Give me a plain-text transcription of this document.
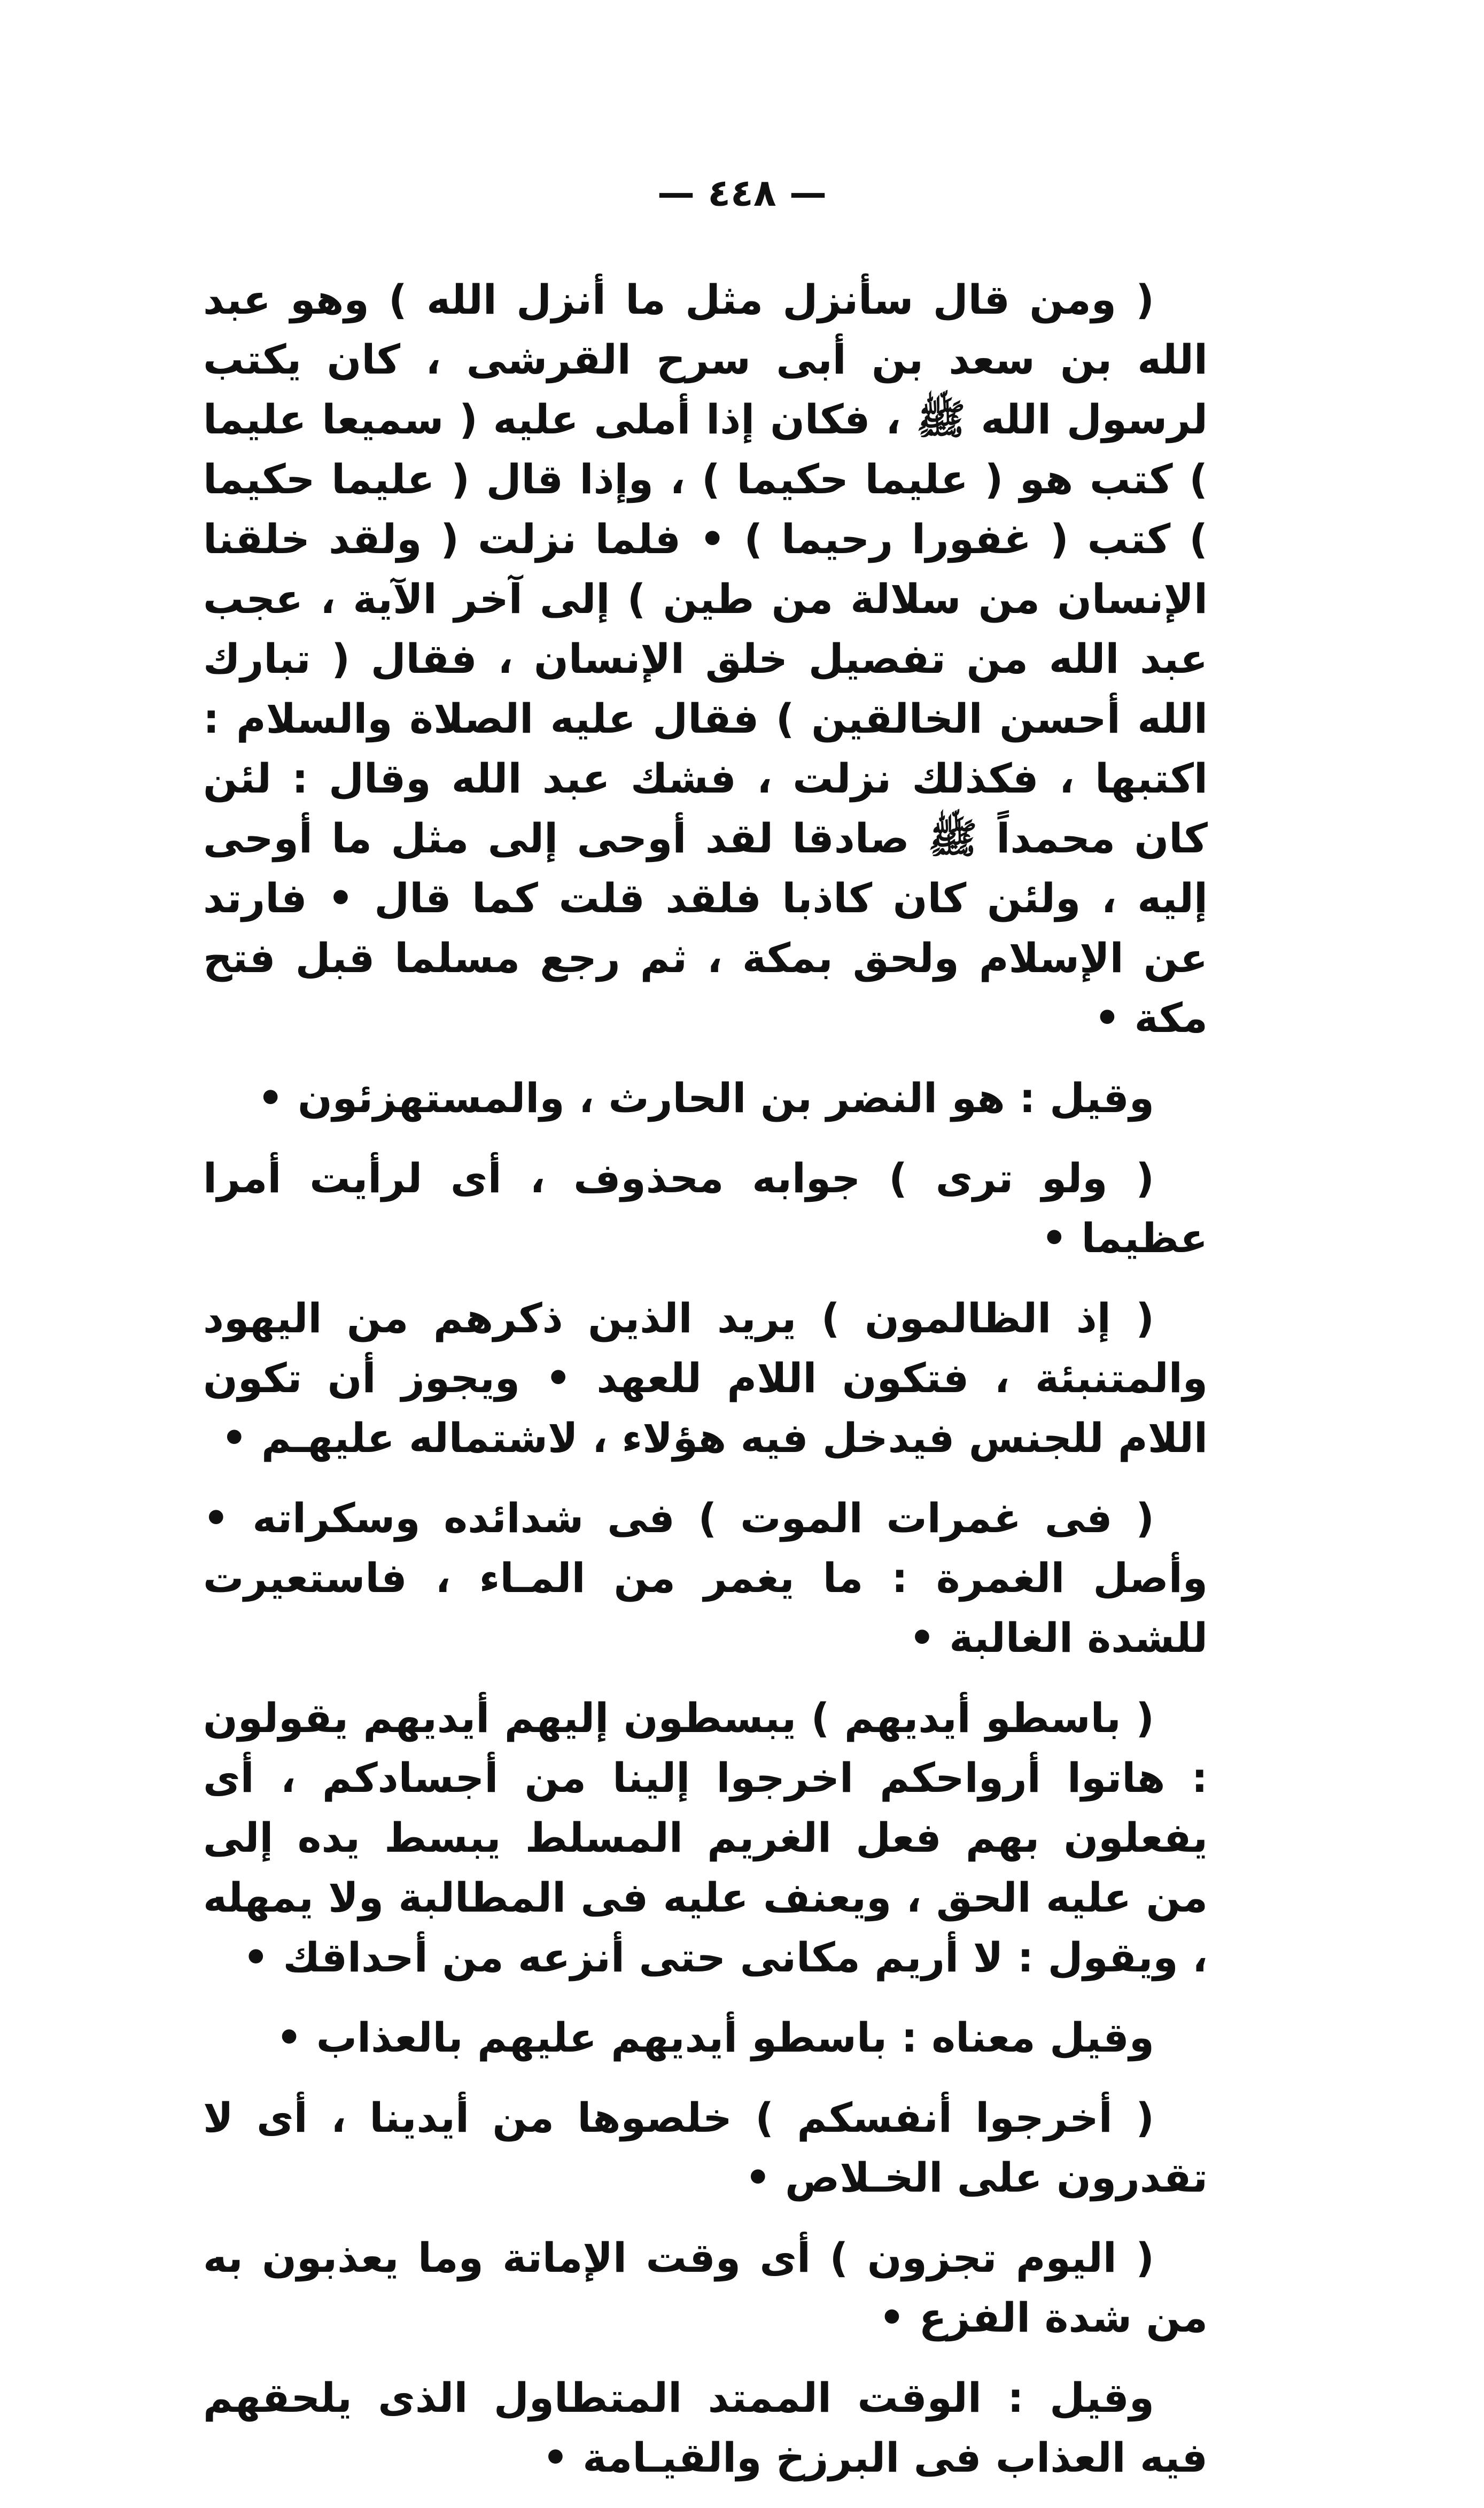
— ٤٤٨ —

( ومن قال سأنزل مثل ما أنزل الله ) وهو عبد الله بن سعد بن أبى سرح القرشى ، كان يكتب لرسول الله ﷺ ، فكان إذا أملى عليه ( سميعا عليما ) كتب هو ( عليما حكيما ) ، وإذا قال ( عليما حكيما ) كتب ( غفورا رحيما ) • فلما نزلت ( ولقد خلقنا الإنسان من سلالة من طين ) إلى آخر الآية ، عجب عبد الله من تفصيل خلق الإنسان ، فقال ( تبارك الله أحسن الخالقين ) فقال عليه الصلاة والسلام : اكتبها ، فكذلك نزلت ، فشك عبد الله وقال : لئن كان محمداً ﷺ صادقا لقد أوحى إلى مثل ما أوحى إليه ، ولئن كان كاذبا فلقد قلت كما قال • فارتد عن الإسلام ولحق بمكة ، ثم رجع مسلما قبل فتح مكة •

وقيل : هو النضر بن الحارث ، والمستهزئون •

( ولو ترى ) جوابه محذوف ، أى لرأيت أمرا عظيما •

( إذ الظالمون ) يريد الذين ذكرهم من اليهود والمتنبئة ، فتكون اللام للعهد • ويجوز أن تكون اللام للجنس فيدخل فيه هؤلاء ، لاشتماله عليهـم •

( فى غمرات الموت ) فى شدائده وسكراته • وأصل الغمرة : ما يغمر من المـاء ، فاستعيرت للشدة الغالبة •

( باسطو أيديهم ) يبسطون إليهم أيديهم يقولون : هاتوا أرواحكم اخرجوا إلينا من أجسادكم ، أى يفعلون بهم فعل الغريم المسلط يبسط يده إلى من عليه الحق ، ويعنف عليه فى المطالبة ولا يمهله ، ويقول : لا أريم مكانى حتى أنزعه من أحداقك •

وقيل معناه : باسطو أيديهم عليهم بالعذاب •

( أخرجوا أنفسكم ) خلصوها من أيدينا ، أى لا تقدرون على الخـلاص •

( اليوم تجزون ) أى وقت الإماتة وما يعذبون به من شدة الفزع •

وقيل : الوقت الممتد المتطاول الذى يلحقهم فيه العذاب فى البرزخ والقيـامة •
